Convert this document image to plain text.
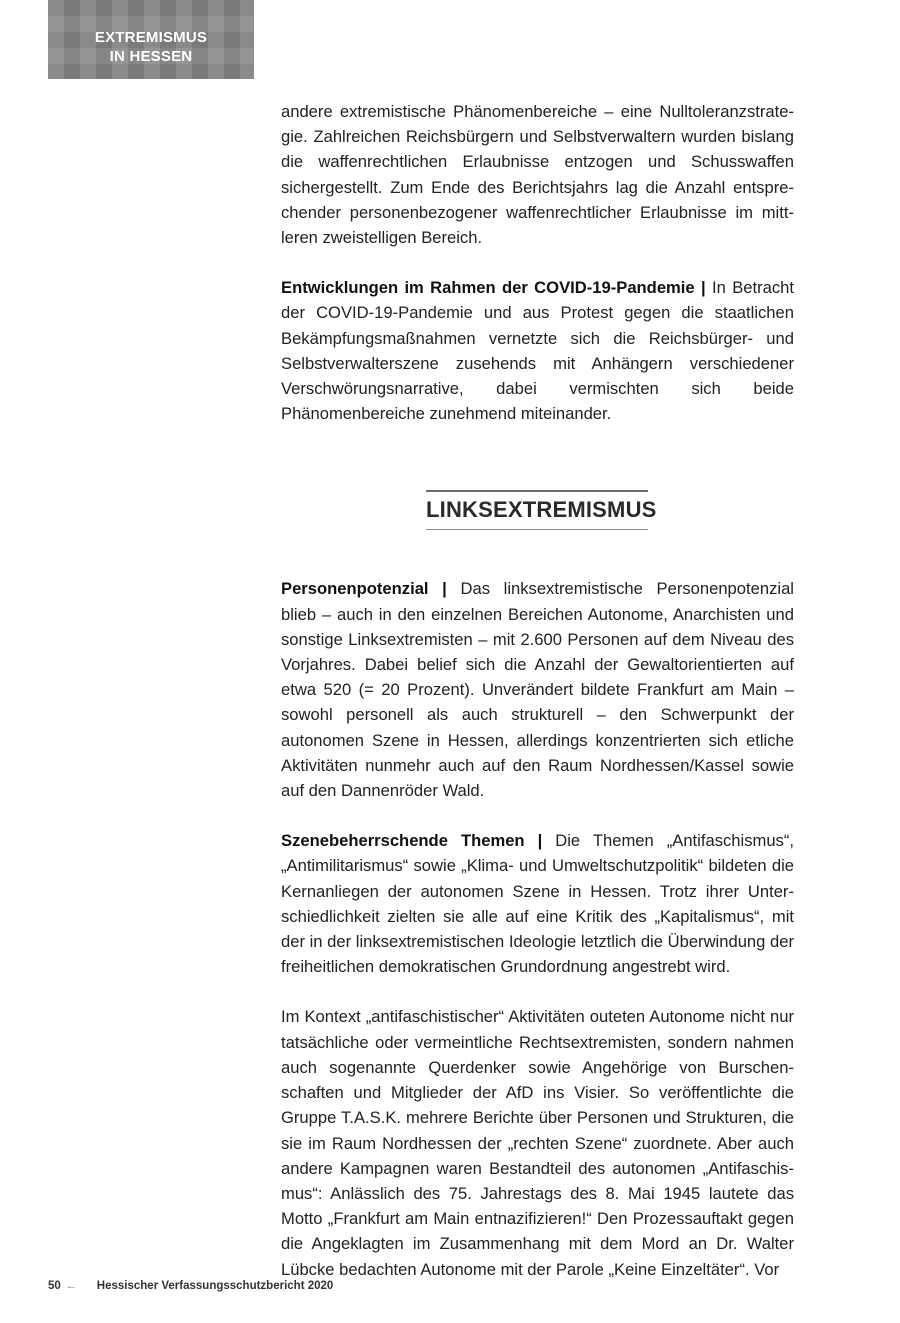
EXTREMISMUS
IN HESSEN

andere extremistische Phänomenbereiche – eine Nulltoleranzstrategie. Zahlreichen Reichsbürgern und Selbstverwaltern wurden bislang die waffenrechtlichen Erlaubnisse entzogen und Schusswaffen sichergestellt. Zum Ende des Berichtsjahrs lag die Anzahl entsprechender personenbezogener waffenrechtlicher Erlaubnisse im mittleren zweistelligen Bereich.

Entwicklungen im Rahmen der COVID-19-Pandemie | In Betracht der COVID-19-Pandemie und aus Protest gegen die staatlichen Bekämpfungsmaßnahmen vernetzte sich die Reichsbürger- und Selbstverwalterszene zusehends mit Anhängern verschiedener Verschwörungsnarrative, dabei vermischten sich beide Phänomenbereiche zunehmend miteinander.

LINKSEXTREMISMUS

Personenpotenzial | Das linksextremistische Personenpotenzial blieb – auch in den einzelnen Bereichen Autonome, Anarchisten und sonstige Linksextremisten – mit 2.600 Personen auf dem Niveau des Vorjahres. Dabei belief sich die Anzahl der Gewaltorientierten auf etwa 520 (= 20 Prozent). Unverändert bildete Frankfurt am Main – sowohl personell als auch strukturell – den Schwerpunkt der autonomen Szene in Hessen, allerdings konzentrierten sich etliche Aktivitäten nunmehr auch auf den Raum Nordhessen/Kassel sowie auf den Dannenröder Wald.

Szenebeherrschende Themen | Die Themen „Antifaschismus“, „Antimilitarismus“ sowie „Klima- und Umweltschutzpolitik“ bildeten die Kernanliegen der autonomen Szene in Hessen. Trotz ihrer Unterschiedlichkeit zielten sie alle auf eine Kritik des „Kapitalismus“, mit der in der linksextremistischen Ideologie letztlich die Überwindung der freiheitlichen demokratischen Grundordnung angestrebt wird.

Im Kontext „antifaschistischer“ Aktivitäten outeten Autonome nicht nur tatsächliche oder vermeintliche Rechtsextremisten, sondern nahmen auch sogenannte Querdenker sowie Angehörige von Burschenschaften und Mitglieder der AfD ins Visier. So veröffentlichte die Gruppe T.A.S.K. mehrere Berichte über Personen und Strukturen, die sie im Raum Nordhessen der „rechten Szene“ zuordnete. Aber auch andere Kampagnen waren Bestandteil des autonomen „Antifaschismus“: Anlässlich des 75. Jahrestags des 8. Mai 1945 lautete das Motto „Frankfurt am Main entnazifizieren!“ Den Prozessauftakt gegen die Angeklagten im Zusammenhang mit dem Mord an Dr. Walter Lübcke bedachten Autonome mit der Parole „Keine Einzeltäter“. Vor

50 ← Hessischer Verfassungsschutzbericht 2020
